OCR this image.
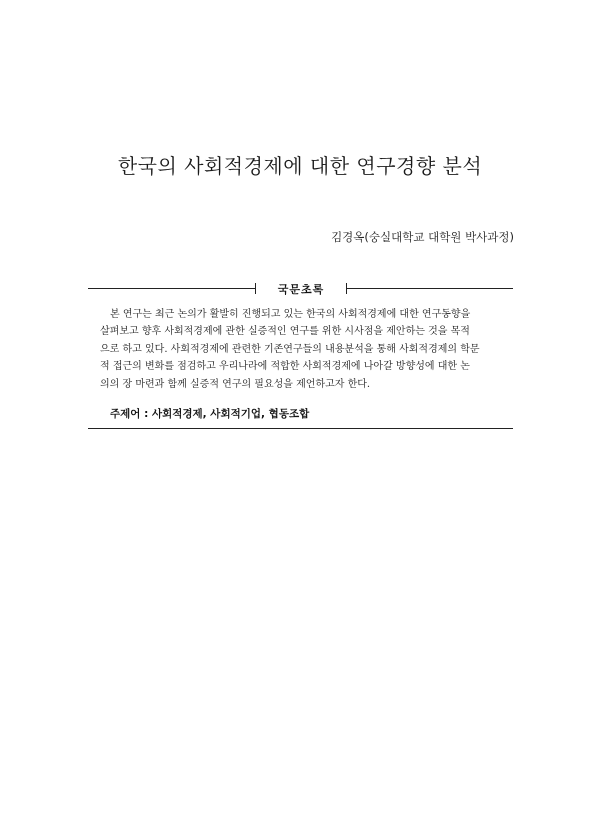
한국의 사회적경제에 대한 연구경향 분석
김경옥(숭실대학교 대학원 박사과정)
국문초록

본 연구는 최근 논의가 활발히 진행되고 있는 한국의 사회적경제에 대한 연구동향을
살펴보고 향후 사회적경제에 관한 실증적인 연구를 위한 시사점을 제안하는 것을 목적
으로 하고 있다. 사회적경제에 관련한 기존연구들의 내용분석을 통해 사회적경제의 학문
적 접근의 변화를 점검하고 우리나라에 적합한 사회적경제에 나아갈 방향성에 대한 논
의의 장 마련과 함께 실증적 연구의 필요성을 제언하고자 한다.

주제어 : 사회적경제, 사회적기업, 협동조합
